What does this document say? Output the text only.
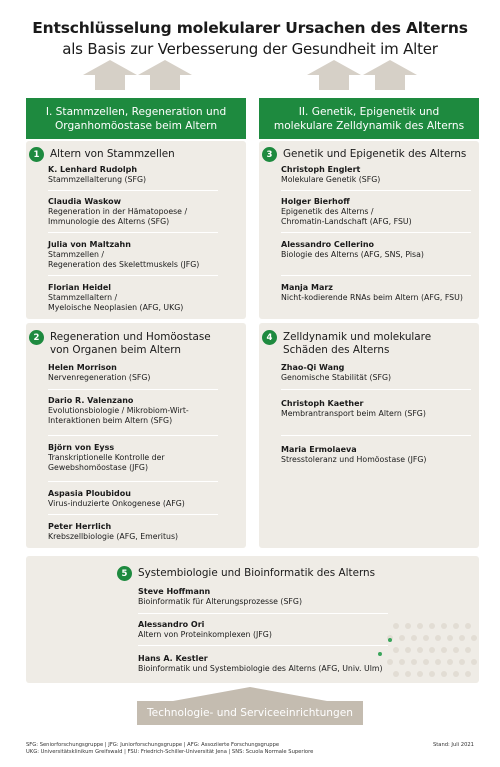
Entschlüsselung molekularer Ursachen des Alterns
als Basis zur Verbesserung der Gesundheit im Alter
I. Stammzellen, Regeneration und
Organhomöostase beim Altern
II. Genetik, Epigenetik und
molekulare Zelldynamik des Alterns
1	Altern von Stammzellen
K. Lenhard Rudolph
Stammzellalterung (SFG)
Claudia Waskow
Regeneration in der Hämatopoese /
Immunologie des Alterns (SFG)
Julia von Maltzahn
Stammzellen /
Regeneration des Skelettmuskels (JFG)
Florian Heidel
Stammzellaltern /
Myeloische Neoplasien (AFG, UKG)
2	Regeneration und Homöostase
von Organen beim Altern
Helen Morrison
Nervenregeneration (SFG)
Dario R. Valenzano
Evolutionsbiologie / Mikrobiom-Wirt-
Interaktionen beim Altern (SFG)
Björn von Eyss
Transkriptionelle Kontrolle der
Gewebshomöostase (JFG)
Aspasia Ploubidou
Virus-induzierte Onkogenese (AFG)
Peter Herrlich
Krebszellbiologie (AFG, Emeritus)
3	Genetik und Epigenetik des Alterns
Christoph Englert
Molekulare Genetik (SFG)
Holger Bierhoff
Epigenetik des Alterns /
Chromatin-Landschaft (AFG, FSU)
Alessandro Cellerino
Biologie des Alterns (AFG, SNS, Pisa)
Manja Marz
Nicht-kodierende RNAs beim Altern (AFG, FSU)
4	Zelldynamik und molekulare
Schäden des Alterns
Zhao-Qi Wang
Genomische Stabilität (SFG)
Christoph Kaether
Membrantransport beim Altern (SFG)
Maria Ermolaeva
Stresstoleranz und Homöostase (JFG)
5	Systembiologie und Bioinformatik des Alterns
Steve Hoffmann
Bioinformatik für Alterungsprozesse (SFG)
Alessandro Ori
Altern von Proteinkomplexen (JFG)
Hans A. Kestler
Bioinformatik und Systembiologie des Alterns (AFG, Univ. Ulm)
Technologie- und Serviceeinrichtungen
SFG: Seniorforschungsgruppe | JFG: Juniorforschungsgruppe | AFG: Assoziierte Forschungsgruppe
UKG: Universitätsklinikum Greifswald | FSU: Friedrich-Schiller-Universität Jena | SNS: Scuola Normale Superiore
Stand: Juli 2021
